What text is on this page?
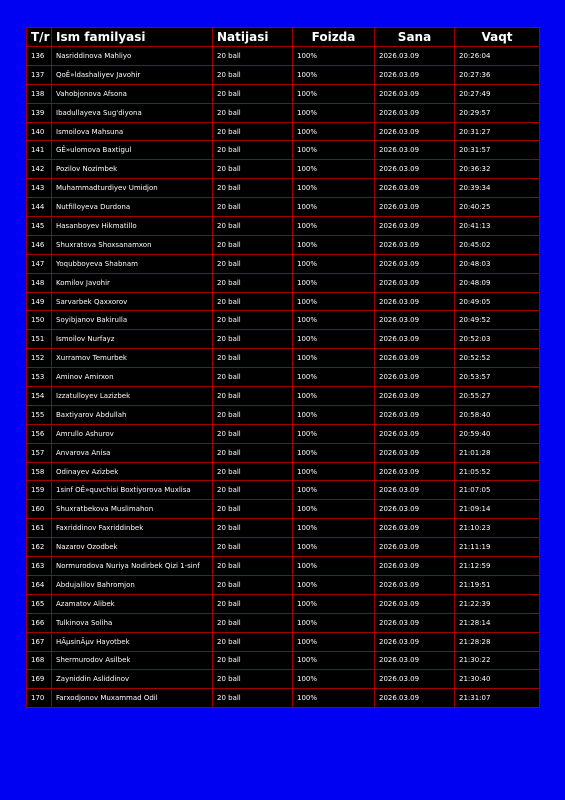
T/r	Ism familyasi	Natijasi	Foizda	Sana	Vaqt
136	Nasriddinova Mahliyo	20 ball	100%	2026.03.09	20:26:04
137	QoÊ»ldashaliyev Javohir	20 ball	100%	2026.03.09	20:27:36
138	Vahobjonova Afsona	20 ball	100%	2026.03.09	20:27:49
139	Ibadullayeva Sug'diyona	20 ball	100%	2026.03.09	20:29:57
140	Ismoilova Mahsuna	20 ball	100%	2026.03.09	20:31:27
141	GÊ»ulomova Baxtigul	20 ball	100%	2026.03.09	20:31:57
142	Pozilov Nozimbek	20 ball	100%	2026.03.09	20:36:32
143	Muhammadturdiyev Umidjon	20 ball	100%	2026.03.09	20:39:34
144	Nutfilloyeva Durdona	20 ball	100%	2026.03.09	20:40:25
145	Hasanboyev Hikmatillo	20 ball	100%	2026.03.09	20:41:13
146	Shuxratova Shoxsanamxon	20 ball	100%	2026.03.09	20:45:02
147	Yoqubboyeva Shabnam	20 ball	100%	2026.03.09	20:48:03
148	Komilov Javohir	20 ball	100%	2026.03.09	20:48:09
149	Sarvarbek Qaxxorov	20 ball	100%	2026.03.09	20:49:05
150	Soyibjanov Bakirulla	20 ball	100%	2026.03.09	20:49:52
151	Ismoilov Nurfayz	20 ball	100%	2026.03.09	20:52:03
152	Xurramov Temurbek	20 ball	100%	2026.03.09	20:52:52
153	Aminov Amirxon	20 ball	100%	2026.03.09	20:53:57
154	Izzatulloyev Lazizbek	20 ball	100%	2026.03.09	20:55:27
155	Baxtiyarov Abdullah	20 ball	100%	2026.03.09	20:58:40
156	Amrullo Ashurov	20 ball	100%	2026.03.09	20:59:40
157	Anvarova Anisa	20 ball	100%	2026.03.09	21:01:28
158	Odinayev Azizbek	20 ball	100%	2026.03.09	21:05:52
159	1sinf OÊ»quvchisi Boxtiyorova Muxlisa	20 ball	100%	2026.03.09	21:07:05
160	Shuxratbekova Muslimahon	20 ball	100%	2026.03.09	21:09:14
161	Faxriddinov Faxriddinbek	20 ball	100%	2026.03.09	21:10:23
162	Nazarov Ozodbek	20 ball	100%	2026.03.09	21:11:19
163	Normurodova Nuriya Nodirbek Qizi 1-sinf	20 ball	100%	2026.03.09	21:12:59
164	Abdujalilov Bahromjon	20 ball	100%	2026.03.09	21:19:51
165	Azamatov Alibek	20 ball	100%	2026.03.09	21:22:39
166	Tulkinova Soliha	20 ball	100%	2026.03.09	21:28:14
167	HÃµsinÃµv Hayotbek	20 ball	100%	2026.03.09	21:28:28
168	Shermurodov Asilbek	20 ball	100%	2026.03.09	21:30:22
169	Zayniddin Asliddinov	20 ball	100%	2026.03.09	21:30:40
170	Farxodjonov Muxammad Odil	20 ball	100%	2026.03.09	21:31:07
